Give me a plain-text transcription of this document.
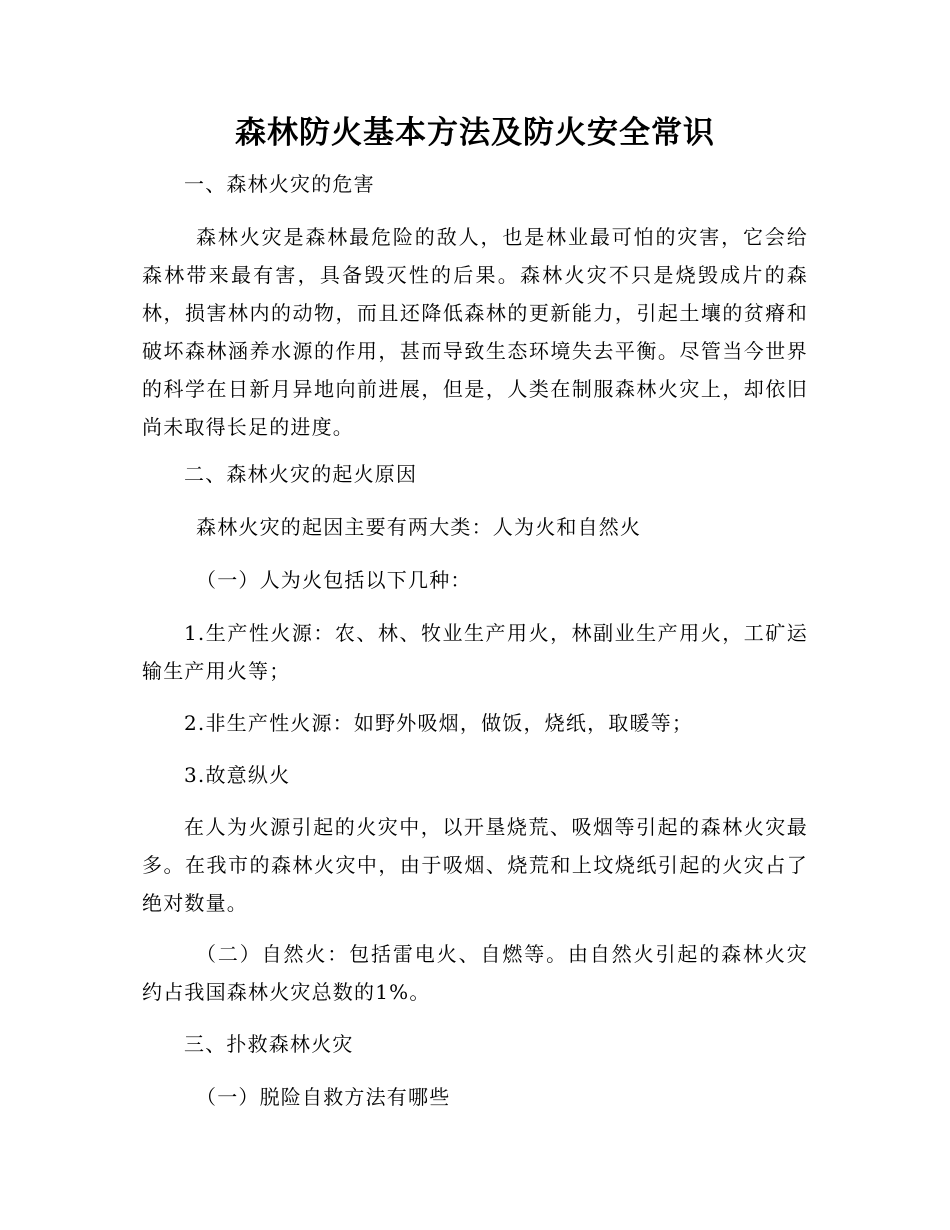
森林防火基本方法及防火安全常识

一、森林火灾的危害

森林火灾是森林最危险的敌人，也是林业最可怕的灾害，它会给森林带来最有害，具备毁灭性的后果。森林火灾不只是烧毁成片的森林，损害林内的动物，而且还降低森林的更新能力，引起土壤的贫瘠和破坏森林涵养水源的作用，甚而导致生态环境失去平衡。尽管当今世界的科学在日新月异地向前进展，但是，人类在制服森林火灾上，却依旧尚未取得长足的进度。

二、森林火灾的起火原因

森林火灾的起因主要有两大类：人为火和自然火

（一）人为火包括以下几种：

1.生产性火源：农、林、牧业生产用火，林副业生产用火，工矿运输生产用火等；

2.非生产性火源：如野外吸烟，做饭，烧纸，取暖等；

3.故意纵火

在人为火源引起的火灾中，以开垦烧荒、吸烟等引起的森林火灾最多。在我市的森林火灾中，由于吸烟、烧荒和上坟烧纸引起的火灾占了绝对数量。

（二）自然火：包括雷电火、自燃等。由自然火引起的森林火灾约占我国森林火灾总数的1%。

三、扑救森林火灾

（一）脱险自救方法有哪些
